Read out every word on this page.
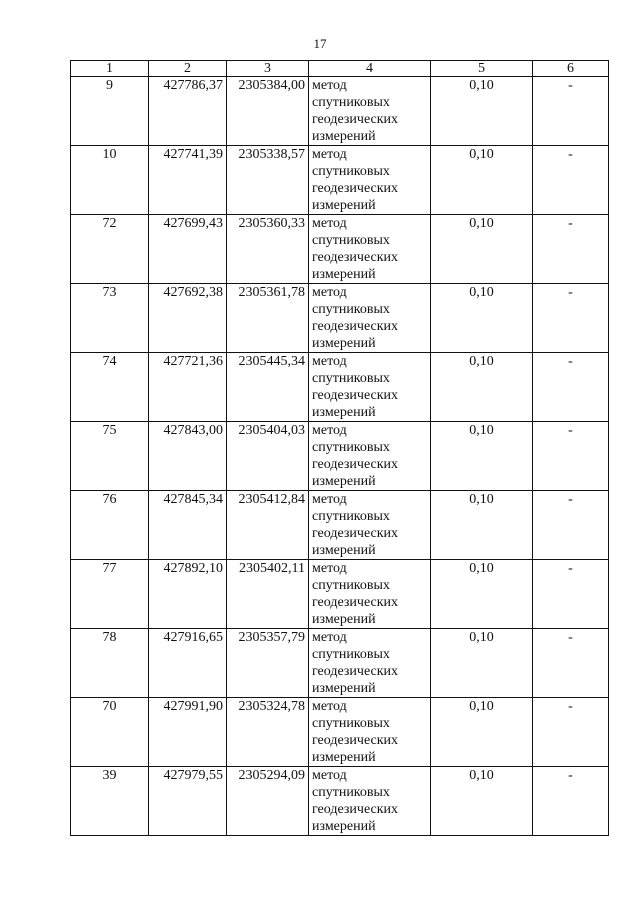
17
1	2	3	4	5	6
9	427786,37	2305384,00	метод
спутниковых
геодезических
измерений	0,10	-
10	427741,39	2305338,57	метод
спутниковых
геодезических
измерений	0,10	-
72	427699,43	2305360,33	метод
спутниковых
геодезических
измерений	0,10	-
73	427692,38	2305361,78	метод
спутниковых
геодезических
измерений	0,10	-
74	427721,36	2305445,34	метод
спутниковых
геодезических
измерений	0,10	-
75	427843,00	2305404,03	метод
спутниковых
геодезических
измерений	0,10	-
76	427845,34	2305412,84	метод
спутниковых
геодезических
измерений	0,10	-
77	427892,10	2305402,11	метод
спутниковых
геодезических
измерений	0,10	-
78	427916,65	2305357,79	метод
спутниковых
геодезических
измерений	0,10	-
70	427991,90	2305324,78	метод
спутниковых
геодезических
измерений	0,10	-
39	427979,55	2305294,09	метод
спутниковых
геодезических
измерений	0,10	-
